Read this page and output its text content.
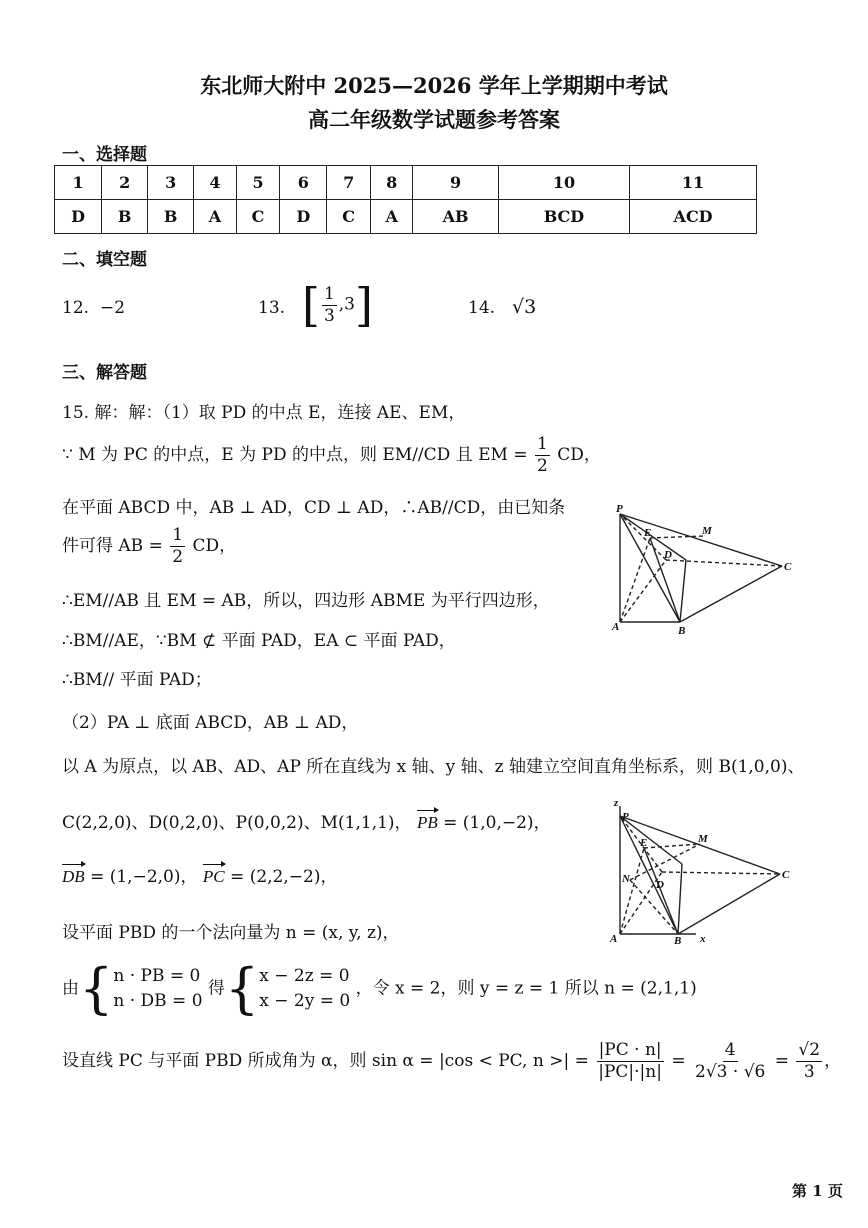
东北师大附中 2025—2026 学年上学期期中考试
高二年级数学试题参考答案
一、选择题
1	2	3	4	5	6	7	8	9	10	11
D	B	B	A	C	D	C	A	AB	BCD	ACD
二、填空题
12. −2	13. [ $\frac{1}{3} ,3$]	14. √3
三、解答题
15. 解：解：（1）取 PD 的中点 E，连接 AE、EM，
∵ M 为 PC 的中点，E 为 PD 的中点，则 EM//CD 且 EM = $\frac{1}{2}$ CD，
在平面 ABCD 中，AB ⊥ AD，CD ⊥ AD，∴AB//CD，由已知条
件可得 AB = $\frac{1}{2}$ CD，
∴EM//AB 且 EM = AB，所以，四边形 ABME 为平行四边形，
∴BM//AE，∵BM ⊄ 平面 PAD，EA ⊂ 平面 PAD，
∴BM// 平面 PAD；
（2）PA ⊥ 底面 ABCD，AB ⊥ AD，
以 A 为原点，以 AB、AD、AP 所在直线为 x 轴、y 轴、z 轴建立空间直角坐标系，则 B(1,0,0)、
C(2,2,0)、D(0,2,0)、P(0,0,2)、M(1,1,1)， PB = (1,0,−2)，
DB = (1,−2,0)， PC = (2,2,−2)，
设平面 PBD 的一个法向量为 n = (x, y, z)，
由{ n · PB = 0
n · DB = 0
得{ x − 2z = 0
x − 2y = 0
，令 x = 2，则 y = z = 1 所以 n = (2,1,1)
设直线 PC 与平面 PBD 所成角为 α，则 sin α = |cos < PC, n >| = $\frac{|PC \cdot n|}{|PC|\cdot|n|} = \frac{4}{2√3 \cdot √6} = \frac{√2}{3}$ ，
P
E	M
D
C
A	B
z
P
E	M
N D
C
A	B x
第 1 页
